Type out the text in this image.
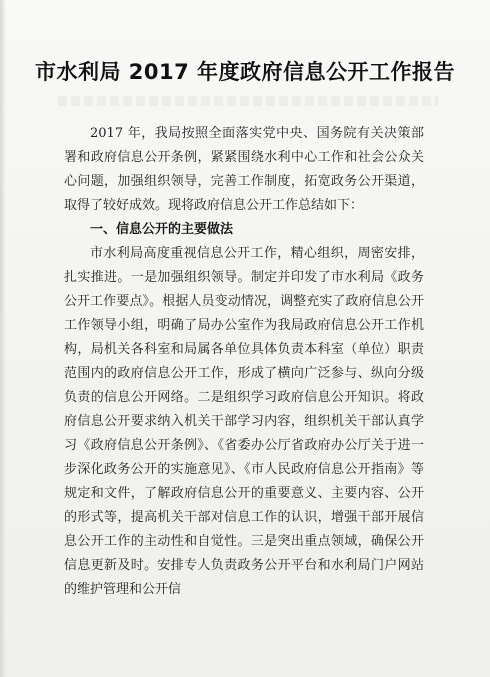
市水利局 2017 年度政府信息公开工作报告

2017 年，我局按照全面落实党中央、国务院有关决策部署和政府信息公开条例，紧紧围绕水利中心工作和社会公众关心问题，加强组织领导，完善工作制度，拓宽政务公开渠道，取得了较好成效。现将政府信息公开工作总结如下：

一、信息公开的主要做法

市水利局高度重视信息公开工作，精心组织，周密安排，扎实推进。一是加强组织领导。制定并印发了市水利局《政务公开工作要点》。根据人员变动情况，调整充实了政府信息公开工作领导小组，明确了局办公室作为我局政府信息公开工作机构，局机关各科室和局属各单位具体负责本科室（单位）职责范围内的政府信息公开工作，形成了横向广泛参与、纵向分级负责的信息公开网络。二是组织学习政府信息公开知识。将政府信息公开要求纳入机关干部学习内容，组织机关干部认真学习《政府信息公开条例》、《省委办公厅省政府办公厅关于进一步深化政务公开的实施意见》、《市人民政府信息公开指南》等规定和文件，了解政府信息公开的重要意义、主要内容、公开的形式等，提高机关干部对信息工作的认识，增强干部开展信息公开工作的主动性和自觉性。三是突出重点领域，确保公开信息更新及时。安排专人负责政务公开平台和水利局门户网站的维护管理和公开信
